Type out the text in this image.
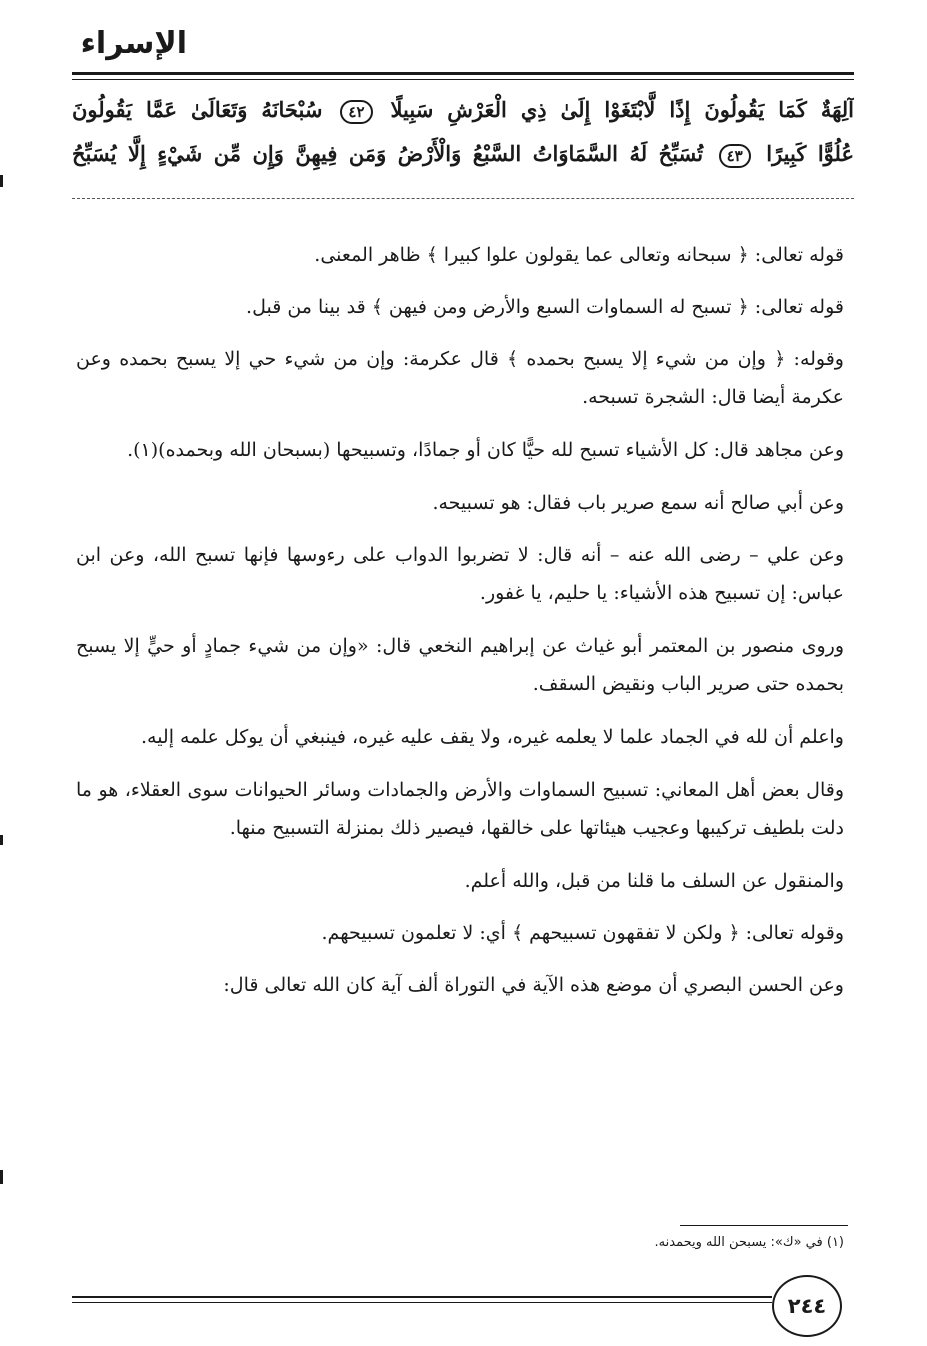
الإسراء
آلِهَةٌ كَمَا يَقُولُونَ إِذًا لَّابْتَغَوْا إِلَىٰ ذِي الْعَرْشِ سَبِيلًا ٤٢ سُبْحَانَهُ وَتَعَالَىٰ عَمَّا يَقُولُونَ
عُلُوًّا كَبِيرًا ٤٣ تُسَبِّحُ لَهُ السَّمَاوَاتُ السَّبْعُ وَالْأَرْضُ وَمَن فِيهِنَّ وَإِن مِّن شَيْءٍ إِلَّا يُسَبِّحُ

قوله تعالى: ﴿ سبحانه وتعالى عما يقولون علوا كبيرا ﴾ ظاهر المعنى.

قوله تعالى: ﴿ تسبح له السماوات السبع والأرض ومن فيهن ﴾ قد بينا من قبل.

وقوله: ﴿ وإن من شيء إلا يسبح بحمده ﴾ قال عكرمة: وإن من شيء حي إلا يسبح بحمده وعن عكرمة أيضا قال: الشجرة تسبحه.

وعن مجاهد قال: كل الأشياء تسبح لله حيًّا كان أو جمادًا، وتسبيحها (بسبحان الله وبحمده)(١).

وعن أبي صالح أنه سمع صرير باب فقال: هو تسبيحه.

وعن علي – رضى الله عنه – أنه قال: لا تضربوا الدواب على رءوسها فإنها تسبح الله، وعن ابن عباس: إن تسبيح هذه الأشياء: يا حليم، يا غفور.

وروى منصور بن المعتمر أبو غياث عن إبراهيم النخعي قال: «وإن من شيء جمادٍ أو حيٍّ إلا يسبح بحمده حتى صرير الباب ونقيض السقف.

واعلم أن لله في الجماد علما لا يعلمه غيره، ولا يقف عليه غيره، فينبغي أن يوكل علمه إليه.

وقال بعض أهل المعاني: تسبيح السماوات والأرض والجمادات وسائر الحيوانات سوى العقلاء، هو ما دلت بلطيف تركيبها وعجيب هيئاتها على خالقها، فيصير ذلك بمنزلة التسبيح منها.

والمنقول عن السلف ما قلنا من قبل، والله أعلم.

وقوله تعالى: ﴿ ولكن لا تفقهون تسبيحهم ﴾ أي: لا تعلمون تسبيحهم.

وعن الحسن البصري أن موضع هذه الآية في التوراة ألف آية كان الله تعالى قال:

(١) في «ك»: يسبحن الله ويحمدنه.
٢٤٤
